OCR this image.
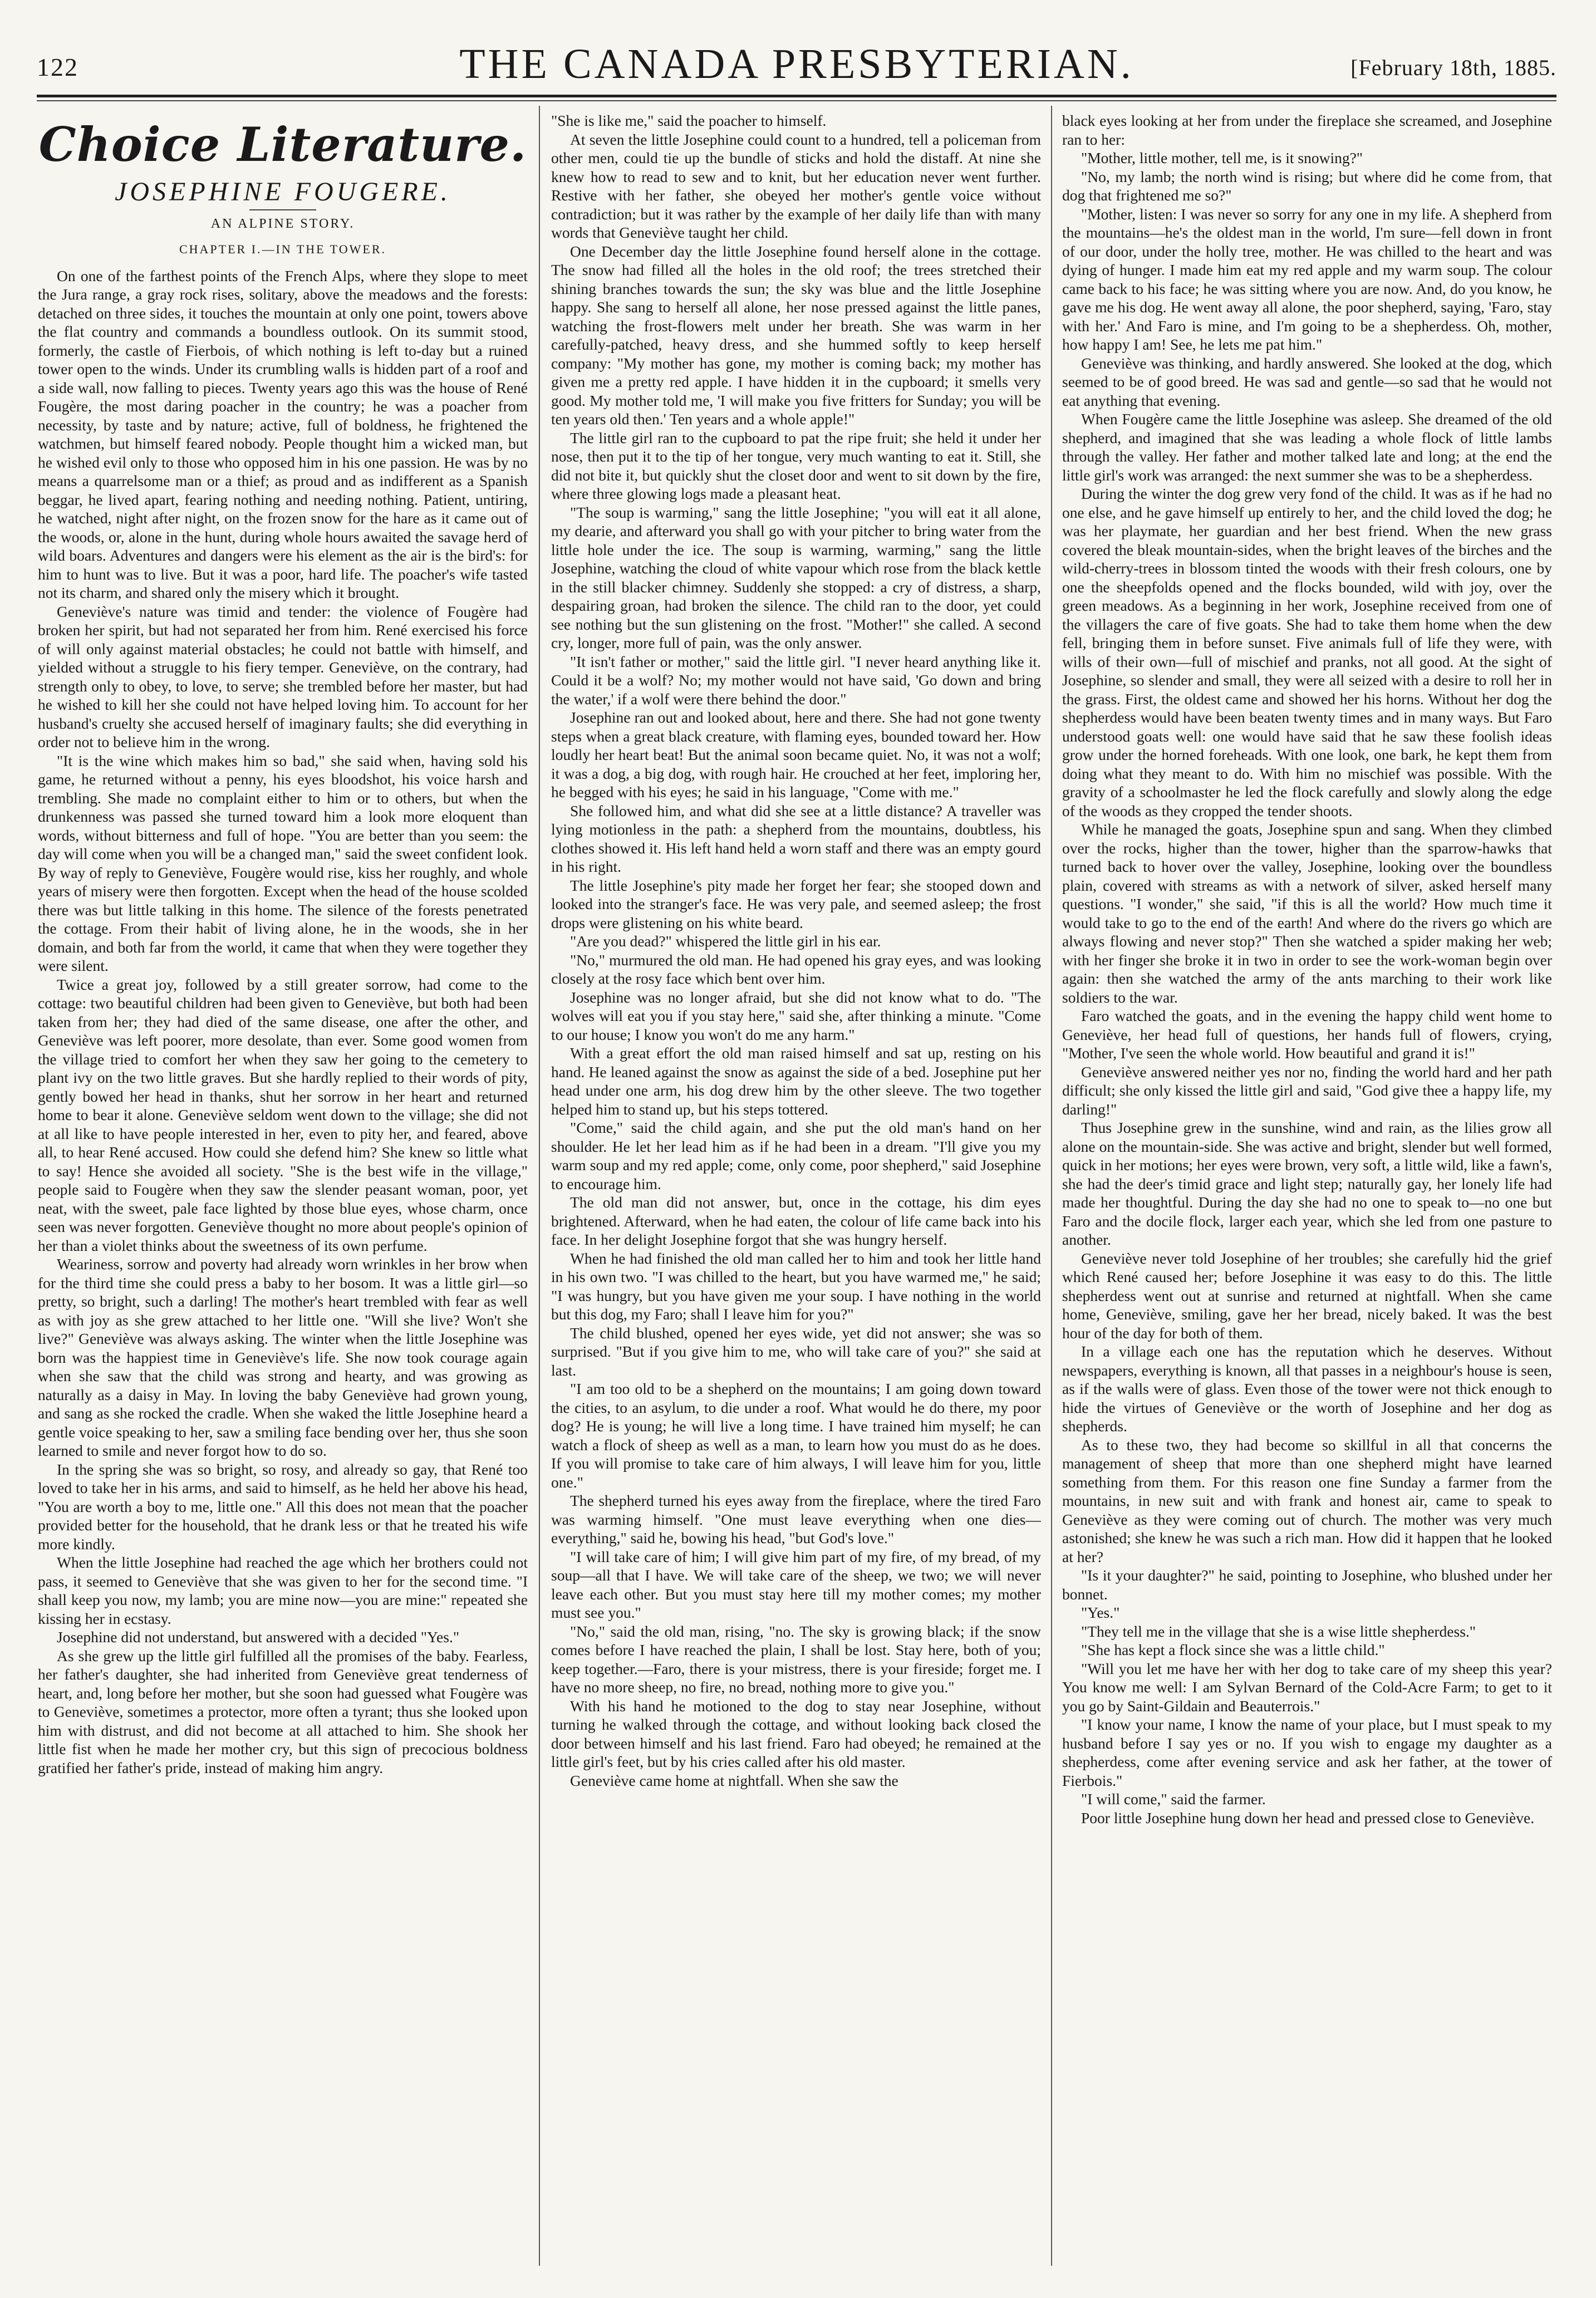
122	THE CANADA PRESBYTERIAN.	[February 18th, 1885.
Choice Literature.
JOSEPHINE FOUGERE.
AN ALPINE STORY.
CHAPTER I.—IN THE TOWER.

On one of the farthest points of the French Alps, where they slope to meet the Jura range, a gray rock rises, solitary, above the meadows and the forests: detached on three sides, it touches the mountain at only one point, towers above the flat country and commands a boundless outlook. On its summit stood, formerly, the castle of Fierbois, of which nothing is left to-day but a ruined tower open to the winds. Under its crumbling walls is hidden part of a roof and a side wall, now falling to pieces. Twenty years ago this was the house of René Fougère, the most daring poacher in the country; he was a poacher from necessity, by taste and by nature; active, full of boldness, he frightened the watchmen, but himself feared nobody. People thought him a wicked man, but he wished evil only to those who opposed him in his one passion. He was by no means a quarrelsome man or a thief; as proud and as indifferent as a Spanish beggar, he lived apart, fearing nothing and needing nothing. Patient, untiring, he watched, night after night, on the frozen snow for the hare as it came out of the woods, or, alone in the hunt, during whole hours awaited the savage herd of wild boars. Adventures and dangers were his element as the air is the bird's: for him to hunt was to live. But it was a poor, hard life. The poacher's wife tasted not its charm, and shared only the misery which it brought.

Geneviève's nature was timid and tender: the violence of Fougère had broken her spirit, but had not separated her from him. René exercised his force of will only against material obstacles; he could not battle with himself, and yielded without a struggle to his fiery temper. Geneviève, on the contrary, had strength only to obey, to love, to serve; she trembled before her master, but had he wished to kill her she could not have helped loving him. To account for her husband's cruelty she accused herself of imaginary faults; she did everything in order not to believe him in the wrong.

"It is the wine which makes him so bad," she said when, having sold his game, he returned without a penny, his eyes bloodshot, his voice harsh and trembling. She made no complaint either to him or to others, but when the drunkenness was passed she turned toward him a look more eloquent than words, without bitterness and full of hope. "You are better than you seem: the day will come when you will be a changed man," said the sweet confident look. By way of reply to Geneviève, Fougère would rise, kiss her roughly, and whole years of misery were then forgotten. Except when the head of the house scolded there was but little talking in this home. The silence of the forests penetrated the cottage. From their habit of living alone, he in the woods, she in her domain, and both far from the world, it came that when they were together they were silent.

Twice a great joy, followed by a still greater sorrow, had come to the cottage: two beautiful children had been given to Geneviève, but both had been taken from her; they had died of the same disease, one after the other, and Geneviève was left poorer, more desolate, than ever. Some good women from the village tried to comfort her when they saw her going to the cemetery to plant ivy on the two little graves. But she hardly replied to their words of pity, gently bowed her head in thanks, shut her sorrow in her heart and returned home to bear it alone. Geneviève seldom went down to the village; she did not at all like to have people interested in her, even to pity her, and feared, above all, to hear René accused. How could she defend him? She knew so little what to say! Hence she avoided all society. "She is the best wife in the village," people said to Fougère when they saw the slender peasant woman, poor, yet neat, with the sweet, pale face lighted by those blue eyes, whose charm, once seen was never forgotten. Geneviève thought no more about people's opinion of her than a violet thinks about the sweetness of its own perfume.

Weariness, sorrow and poverty had already worn wrinkles in her brow when for the third time she could press a baby to her bosom. It was a little girl—so pretty, so bright, such a darling! The mother's heart trembled with fear as well as with joy as she grew attached to her little one. "Will she live? Won't she live?" Geneviève was always asking. The winter when the little Josephine was born was the happiest time in Geneviève's life. She now took courage again when she saw that the child was strong and hearty, and was growing as naturally as a daisy in May. In loving the baby Geneviève had grown young, and sang as she rocked the cradle. When she waked the little Josephine heard a gentle voice speaking to her, saw a smiling face bending over her, thus she soon learned to smile and never forgot how to do so.

In the spring she was so bright, so rosy, and already so gay, that René too loved to take her in his arms, and said to himself, as he held her above his head, "You are worth a boy to me, little one." All this does not mean that the poacher provided better for the household, that he drank less or that he treated his wife more kindly.

When the little Josephine had reached the age which her brothers could not pass, it seemed to Geneviève that she was given to her for the second time. "I shall keep you now, my lamb; you are mine now—you are mine:" repeated she kissing her in ecstasy.

Josephine did not understand, but answered with a decided "Yes."

As she grew up the little girl fulfilled all the promises of the baby. Fearless, her father's daughter, she had inherited from Geneviève great tenderness of heart, and, long before her mother, but she soon had guessed what Fougère was to Geneviève, sometimes a protector, more often a tyrant; thus she looked upon him with distrust, and did not become at all attached to him. She shook her little fist when he made her mother cry, but this sign of precocious boldness gratified her father's pride, instead of making him angry.

"She is like me," said the poacher to himself.

At seven the little Josephine could count to a hundred, tell a policeman from other men, could tie up the bundle of sticks and hold the distaff. At nine she knew how to read to sew and to knit, but her education never went further. Restive with her father, she obeyed her mother's gentle voice without contradiction; but it was rather by the example of her daily life than with many words that Geneviève taught her child.

One December day the little Josephine found herself alone in the cottage. The snow had filled all the holes in the old roof; the trees stretched their shining branches towards the sun; the sky was blue and the little Josephine happy. She sang to herself all alone, her nose pressed against the little panes, watching the frost-flowers melt under her breath. She was warm in her carefully-patched, heavy dress, and she hummed softly to keep herself company: "My mother has gone, my mother is coming back; my mother has given me a pretty red apple. I have hidden it in the cupboard; it smells very good. My mother told me, 'I will make you five fritters for Sunday; you will be ten years old then.' Ten years and a whole apple!"

The little girl ran to the cupboard to pat the ripe fruit; she held it under her nose, then put it to the tip of her tongue, very much wanting to eat it. Still, she did not bite it, but quickly shut the closet door and went to sit down by the fire, where three glowing logs made a pleasant heat.

"The soup is warming," sang the little Josephine; "you will eat it all alone, my dearie, and afterward you shall go with your pitcher to bring water from the little hole under the ice. The soup is warming, warming," sang the little Josephine, watching the cloud of white vapour which rose from the black kettle in the still blacker chimney. Suddenly she stopped: a cry of distress, a sharp, despairing groan, had broken the silence. The child ran to the door, yet could see nothing but the sun glistening on the frost. "Mother!" she called. A second cry, longer, more full of pain, was the only answer.

"It isn't father or mother," said the little girl. "I never heard anything like it. Could it be a wolf? No; my mother would not have said, 'Go down and bring the water,' if a wolf were there behind the door."

Josephine ran out and looked about, here and there. She had not gone twenty steps when a great black creature, with flaming eyes, bounded toward her. How loudly her heart beat! But the animal soon became quiet. No, it was not a wolf; it was a dog, a big dog, with rough hair. He crouched at her feet, imploring her, he begged with his eyes; he said in his language, "Come with me."

She followed him, and what did she see at a little distance? A traveller was lying motionless in the path: a shepherd from the mountains, doubtless, his clothes showed it. His left hand held a worn staff and there was an empty gourd in his right.

The little Josephine's pity made her forget her fear; she stooped down and looked into the stranger's face. He was very pale, and seemed asleep; the frost drops were glistening on his white beard.

"Are you dead?" whispered the little girl in his ear.

"No," murmured the old man. He had opened his gray eyes, and was looking closely at the rosy face which bent over him.

Josephine was no longer afraid, but she did not know what to do. "The wolves will eat you if you stay here," said she, after thinking a minute. "Come to our house; I know you won't do me any harm."

With a great effort the old man raised himself and sat up, resting on his hand. He leaned against the snow as against the side of a bed. Josephine put her head under one arm, his dog drew him by the other sleeve. The two together helped him to stand up, but his steps tottered.

"Come," said the child again, and she put the old man's hand on her shoulder. He let her lead him as if he had been in a dream. "I'll give you my warm soup and my red apple; come, only come, poor shepherd," said Josephine to encourage him.

The old man did not answer, but, once in the cottage, his dim eyes brightened. Afterward, when he had eaten, the colour of life came back into his face. In her delight Josephine forgot that she was hungry herself.

When he had finished the old man called her to him and took her little hand in his own two. "I was chilled to the heart, but you have warmed me," he said; "I was hungry, but you have given me your soup. I have nothing in the world but this dog, my Faro; shall I leave him for you?"

The child blushed, opened her eyes wide, yet did not answer; she was so surprised. "But if you give him to me, who will take care of you?" she said at last.

"I am too old to be a shepherd on the mountains; I am going down toward the cities, to an asylum, to die under a roof. What would he do there, my poor dog? He is young; he will live a long time. I have trained him myself; he can watch a flock of sheep as well as a man, to learn how you must do as he does. If you will promise to take care of him always, I will leave him for you, little one."

The shepherd turned his eyes away from the fireplace, where the tired Faro was warming himself. "One must leave everything when one dies—everything," said he, bowing his head, "but God's love."

"I will take care of him; I will give him part of my fire, of my bread, of my soup—all that I have. We will take care of the sheep, we two; we will never leave each other. But you must stay here till my mother comes; my mother must see you."

"No," said the old man, rising, "no. The sky is growing black; if the snow comes before I have reached the plain, I shall be lost. Stay here, both of you; keep together.—Faro, there is your mistress, there is your fireside; forget me. I have no more sheep, no fire, no bread, nothing more to give you."

With his hand he motioned to the dog to stay near Josephine, without turning he walked through the cottage, and without looking back closed the door between himself and his last friend. Faro had obeyed; he remained at the little girl's feet, but by his cries called after his old master.

Geneviève came home at nightfall. When she saw the

black eyes looking at her from under the fireplace she screamed, and Josephine ran to her:

"Mother, little mother, tell me, is it snowing?"

"No, my lamb; the north wind is rising; but where did he come from, that dog that frightened me so?"

"Mother, listen: I was never so sorry for any one in my life. A shepherd from the mountains—he's the oldest man in the world, I'm sure—fell down in front of our door, under the holly tree, mother. He was chilled to the heart and was dying of hunger. I made him eat my red apple and my warm soup. The colour came back to his face; he was sitting where you are now. And, do you know, he gave me his dog. He went away all alone, the poor shepherd, saying, 'Faro, stay with her.' And Faro is mine, and I'm going to be a shepherdess. Oh, mother, how happy I am! See, he lets me pat him."

Geneviève was thinking, and hardly answered. She looked at the dog, which seemed to be of good breed. He was sad and gentle—so sad that he would not eat anything that evening.

When Fougère came the little Josephine was asleep. She dreamed of the old shepherd, and imagined that she was leading a whole flock of little lambs through the valley. Her father and mother talked late and long; at the end the little girl's work was arranged: the next summer she was to be a shepherdess.

During the winter the dog grew very fond of the child. It was as if he had no one else, and he gave himself up entirely to her, and the child loved the dog; he was her playmate, her guardian and her best friend. When the new grass covered the bleak mountain-sides, when the bright leaves of the birches and the wild-cherry-trees in blossom tinted the woods with their fresh colours, one by one the sheepfolds opened and the flocks bounded, wild with joy, over the green meadows. As a beginning in her work, Josephine received from one of the villagers the care of five goats. She had to take them home when the dew fell, bringing them in before sunset. Five animals full of life they were, with wills of their own—full of mischief and pranks, not all good. At the sight of Josephine, so slender and small, they were all seized with a desire to roll her in the grass. First, the oldest came and showed her his horns. Without her dog the shepherdess would have been beaten twenty times and in many ways. But Faro understood goats well: one would have said that he saw these foolish ideas grow under the horned foreheads. With one look, one bark, he kept them from doing what they meant to do. With him no mischief was possible. With the gravity of a schoolmaster he led the flock carefully and slowly along the edge of the woods as they cropped the tender shoots.

While he managed the goats, Josephine spun and sang. When they climbed over the rocks, higher than the tower, higher than the sparrow-hawks that turned back to hover over the valley, Josephine, looking over the boundless plain, covered with streams as with a network of silver, asked herself many questions. "I wonder," she said, "if this is all the world? How much time it would take to go to the end of the earth! And where do the rivers go which are always flowing and never stop?" Then she watched a spider making her web; with her finger she broke it in two in order to see the work-woman begin over again: then she watched the army of the ants marching to their work like soldiers to the war.

Faro watched the goats, and in the evening the happy child went home to Geneviève, her head full of questions, her hands full of flowers, crying, "Mother, I've seen the whole world. How beautiful and grand it is!"

Geneviève answered neither yes nor no, finding the world hard and her path difficult; she only kissed the little girl and said, "God give thee a happy life, my darling!"

Thus Josephine grew in the sunshine, wind and rain, as the lilies grow all alone on the mountain-side. She was active and bright, slender but well formed, quick in her motions; her eyes were brown, very soft, a little wild, like a fawn's, she had the deer's timid grace and light step; naturally gay, her lonely life had made her thoughtful. During the day she had no one to speak to—no one but Faro and the docile flock, larger each year, which she led from one pasture to another.

Geneviève never told Josephine of her troubles; she carefully hid the grief which René caused her; before Josephine it was easy to do this. The little shepherdess went out at sunrise and returned at nightfall. When she came home, Geneviève, smiling, gave her her bread, nicely baked. It was the best hour of the day for both of them.

In a village each one has the reputation which he deserves. Without newspapers, everything is known, all that passes in a neighbour's house is seen, as if the walls were of glass. Even those of the tower were not thick enough to hide the virtues of Geneviève or the worth of Josephine and her dog as shepherds.

As to these two, they had become so skillful in all that concerns the management of sheep that more than one shepherd might have learned something from them. For this reason one fine Sunday a farmer from the mountains, in new suit and with frank and honest air, came to speak to Geneviève as they were coming out of church. The mother was very much astonished; she knew he was such a rich man. How did it happen that he looked at her?

"Is it your daughter?" he said, pointing to Josephine, who blushed under her bonnet.

"Yes."

"They tell me in the village that she is a wise little shepherdess."

"She has kept a flock since she was a little child."

"Will you let me have her with her dog to take care of my sheep this year? You know me well: I am Sylvan Bernard of the Cold-Acre Farm; to get to it you go by Saint-Gildain and Beauterrois."

"I know your name, I know the name of your place, but I must speak to my husband before I say yes or no. If you wish to engage my daughter as a shepherdess, come after evening service and ask her father, at the tower of Fierbois."

"I will come," said the farmer.

Poor little Josephine hung down her head and pressed close to Geneviève.
